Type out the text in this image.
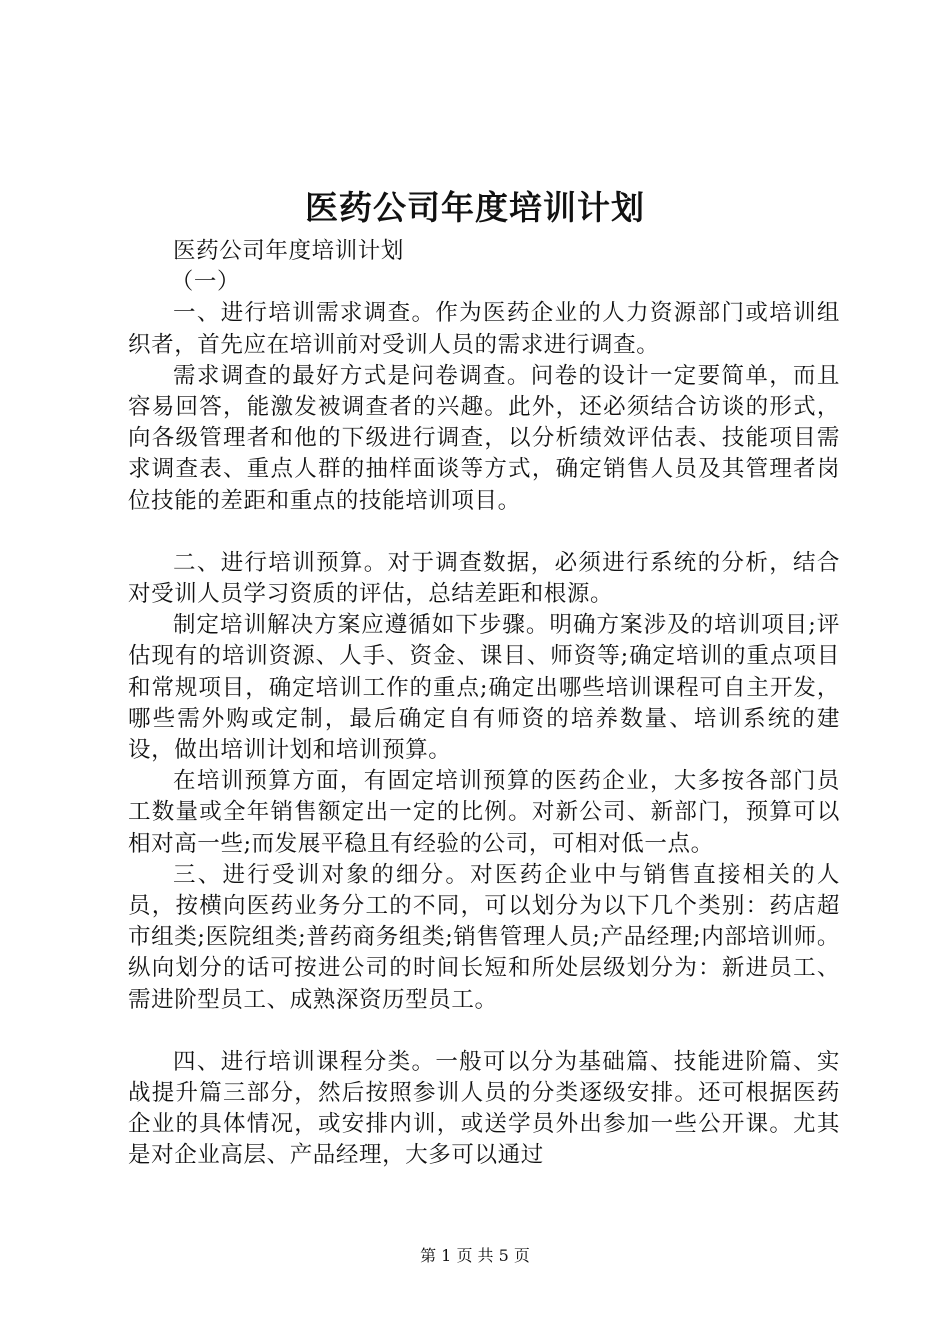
医药公司年度培训计划

医药公司年度培训计划

（一）

一、进行培训需求调查。作为医药企业的人力资源部门或培训组织者，首先应在培训前对受训人员的需求进行调查。

需求调查的最好方式是问卷调查。问卷的设计一定要简单，而且容易回答，能激发被调查者的兴趣。此外，还必须结合访谈的形式，向各级管理者和他的下级进行调查，以分析绩效评估表、技能项目需求调查表、重点人群的抽样面谈等方式，确定销售人员及其管理者岗位技能的差距和重点的技能培训项目。

二、进行培训预算。对于调查数据，必须进行系统的分析，结合对受训人员学习资质的评估，总结差距和根源。

制定培训解决方案应遵循如下步骤。明确方案涉及的培训项目;评估现有的培训资源、人手、资金、课目、师资等;确定培训的重点项目和常规项目，确定培训工作的重点;确定出哪些培训课程可自主开发，哪些需外购或定制，最后确定自有师资的培养数量、培训系统的建设，做出培训计划和培训预算。

在培训预算方面，有固定培训预算的医药企业，大多按各部门员工数量或全年销售额定出一定的比例。对新公司、新部门，预算可以相对高一些;而发展平稳且有经验的公司，可相对低一点。

三、进行受训对象的细分。对医药企业中与销售直接相关的人员，按横向医药业务分工的不同，可以划分为以下几个类别：药店超市组类;医院组类;普药商务组类;销售管理人员;产品经理;内部培训师。纵向划分的话可按进公司的时间长短和所处层级划分为：新进员工、需进阶型员工、成熟深资历型员工。

四、进行培训课程分类。一般可以分为基础篇、技能进阶篇、实战提升篇三部分，然后按照参训人员的分类逐级安排。还可根据医药企业的具体情况，或安排内训，或送学员外出参加一些公开课。尤其是对企业高层、产品经理，大多可以通过

第 1 页 共 5 页
